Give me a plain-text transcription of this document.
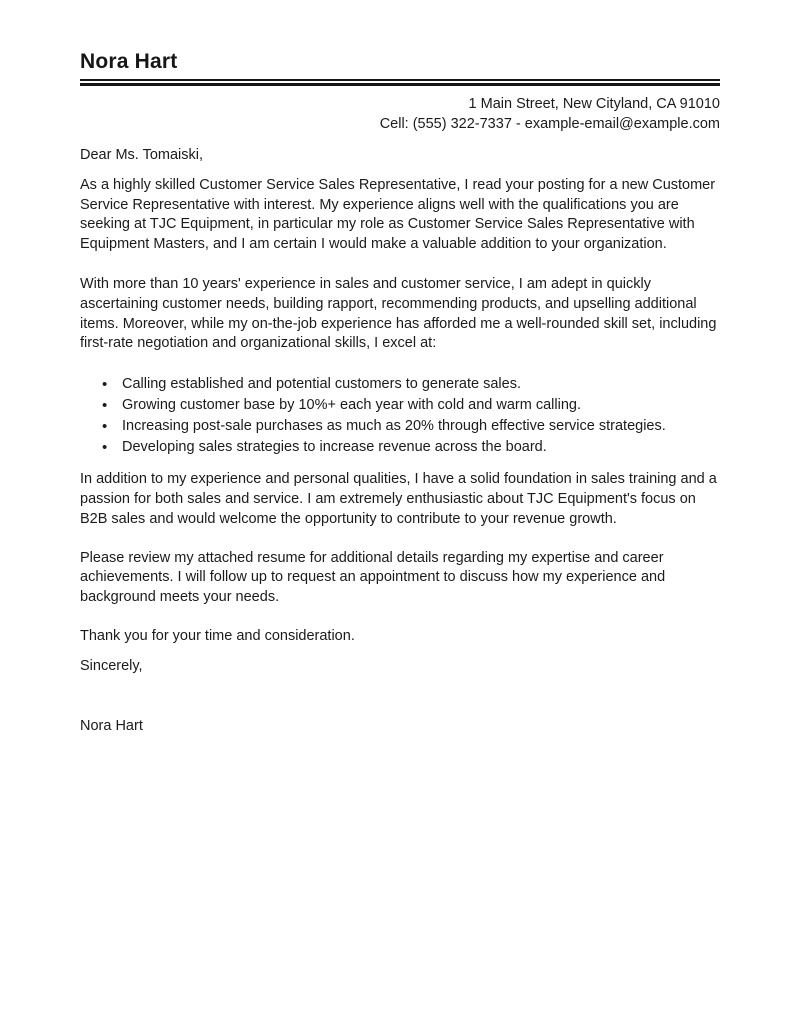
Nora Hart
1 Main Street, New Cityland, CA 91010
Cell: (555) 322-7337 - example-email@example.com

Dear Ms. Tomaiski,

As a highly skilled Customer Service Sales Representative, I read your posting for a new Customer Service Representative with interest. My experience aligns well with the qualifications you are seeking at TJC Equipment, in particular my role as Customer Service Sales Representative with Equipment Masters, and I am certain I would make a valuable addition to your organization.

With more than 10 years' experience in sales and customer service, I am adept in quickly ascertaining customer needs, building rapport, recommending products, and upselling additional items. Moreover, while my on-the-job experience has afforded me a well-rounded skill set, including first-rate negotiation and organizational skills, I excel at:

• Calling established and potential customers to generate sales.
• Growing customer base by 10%+ each year with cold and warm calling.
• Increasing post-sale purchases as much as 20% through effective service strategies.
• Developing sales strategies to increase revenue across the board.

In addition to my experience and personal qualities, I have a solid foundation in sales training and a passion for both sales and service. I am extremely enthusiastic about TJC Equipment's focus on B2B sales and would welcome the opportunity to contribute to your revenue growth.

Please review my attached resume for additional details regarding my expertise and career achievements. I will follow up to request an appointment to discuss how my experience and background meets your needs.

Thank you for your time and consideration.

Sincerely,

Nora Hart
